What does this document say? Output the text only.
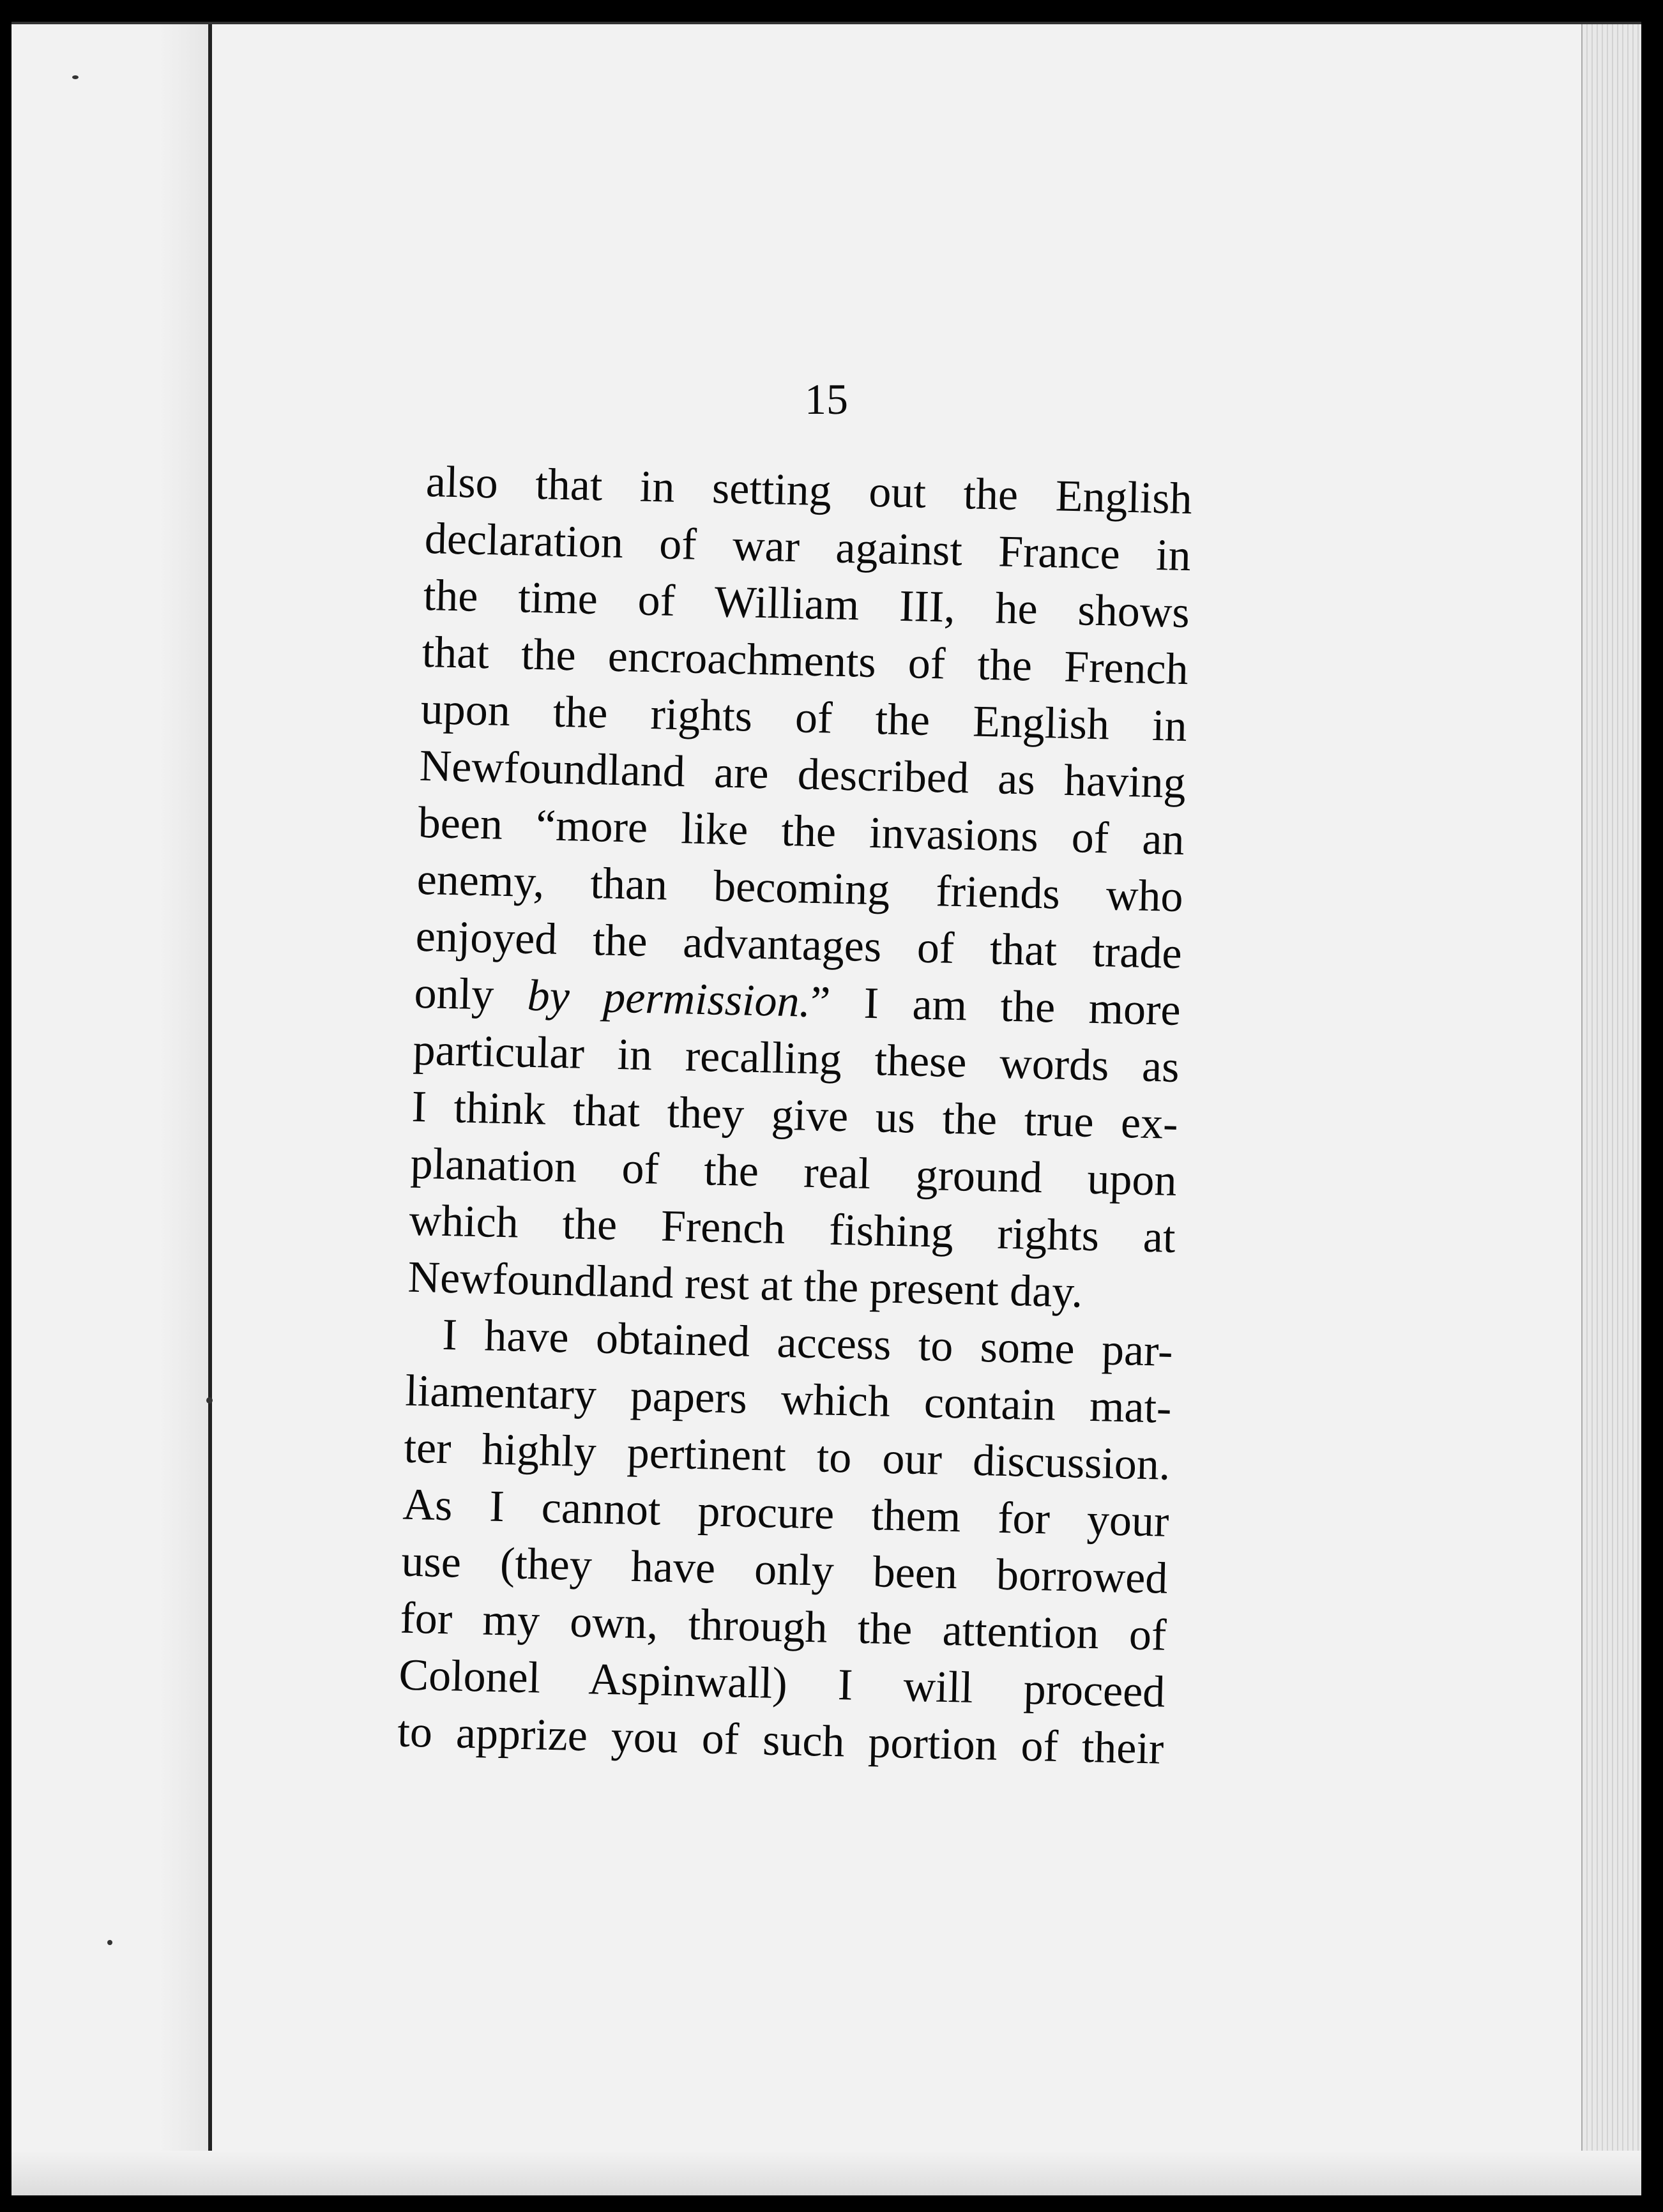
15
also that in setting out the English
declaration of war against France in
the time of William III, he shows
that the encroachments of the French
upon the rights of the English in
Newfoundland are described as having
been “more like the invasions of an
enemy, than becoming friends who
enjoyed the advantages of that trade
only by permission.” I am the more
particular in recalling these words as
I think that they give us the true ex-
planation of the real ground upon
which the French fishing rights at
Newfoundland rest at the present day.
I have obtained access to some par-
liamentary papers which contain mat-
ter highly pertinent to our discussion.
As I cannot procure them for your
use (they have only been borrowed
for my own, through the attention of
Colonel Aspinwall) I will proceed
to apprize you of such portion of their
